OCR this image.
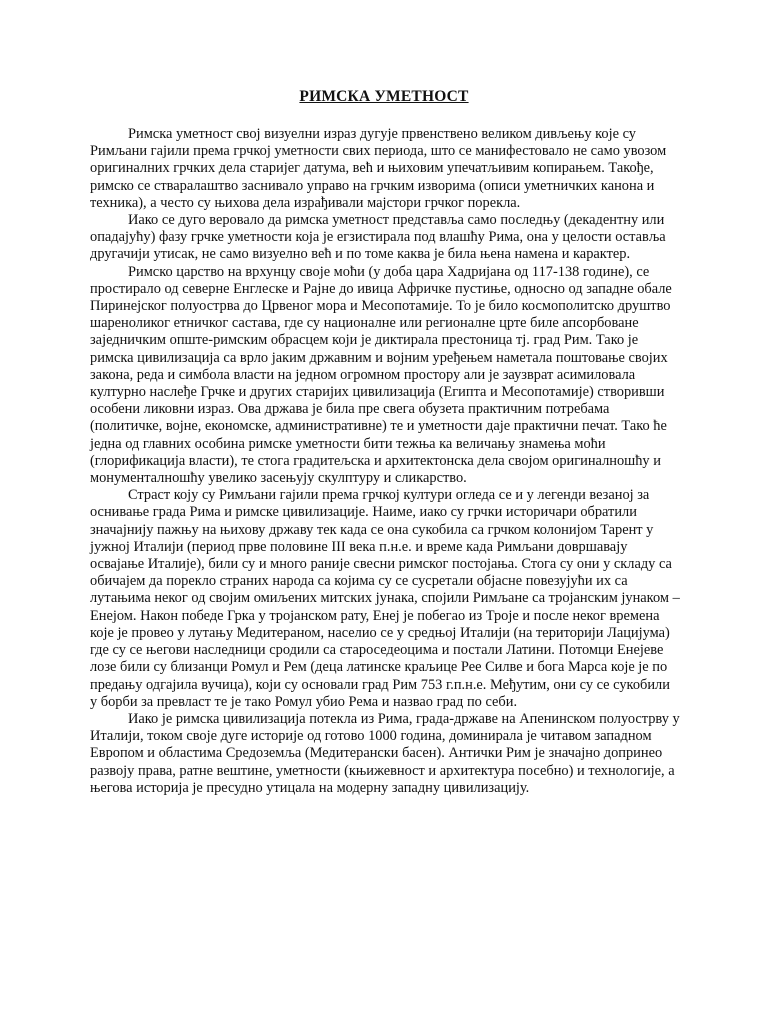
РИМСКА УМЕТНОСТ

Римска уметност свој визуелни израз дугује првенствено великом дивљењу које су Римљани гајили према грчкој уметности свих периода, што се манифестовало не само увозом оригиналних грчких дела старијег датума, већ и њиховим упечатљивим копирањем. Такође, римско се стваралаштво заснивало управо на грчким изворима (описи уметничких канона и техника), а често су њихова дела израђивали мајстори грчког порекла.

Иако се дуго веровало да римска уметност представља само последњу (декадентну или опадајућу) фазу грчке уметности која је егзистирала под влашћу Рима, она у целости оставља другачији утисак, не само визуелно већ и по томе каква је била њена намена и карактер.

Римско царство на врхунцу своје моћи (у доба цара Хадријана од 117-138 године), се простирало од северне Енглеске и Рајне до ивица Афричке пустиње, односно од западне обале Пиринејског полуострва до Црвеног мора и Месопотамије. То је било космополитско друштво шареноликог етничког састава, где су националне или регионалне црте биле апсорбоване заједничким опште-римским обрасцем који је диктирала престоница тј. град Рим. Тако је римска цивилизација са врло јаким државним и војним уређењем наметала поштовање својих закона, реда и симбола власти на једном огромном простору али је заузврат асимиловала културно наслеђе Грчке и других старијих цивилизација (Египта и Месопотамије) створивши особени ликовни израз. Ова држава је била пре свега обузета практичним потребама (политичке, војне, економске, административне) те и уметности даје практични печат. Тако ће једна од главних особина римске уметности бити тежња ка величању знамења моћи (глорификација власти), те стога градитељска и архитектонска дела својом оригиналношћу и монументалношћу увелико засењују скулптуру и сликарство.

Страст коју су Римљани гајили према грчкој култури огледа се и у легенди везаној за оснивање града Рима и римске цивилизације. Наиме, иако су грчки историчари обратили значајнију пажњу на њихову државу тек када се она сукобила са грчком колонијом Тарент у јужној Италији (период прве половине III века п.н.е. и време када Римљани довршавају освајање Италије), били су и много раније свесни римског постојања. Стога су они у складу са обичајем да порекло страних народа са којима су се сусретали објасне повезујући их са лутањима неког од својим омиљених митских јунака, спојили Римљане са тројанским јунаком – Енејом. Након победе Грка у тројанском рату, Енеј је побегао из Троје и после неког времена које је провео у лутању Медитераном, населио се у средњој Италији (на територији Лацијума) где су се његови наследници сродили са староседеоцима и постали Латини. Потомци Енејеве лозе били су близанци Ромул и Рем (деца латинске краљице Рее Силве и бога Марса које је по предању одгајила вучица), који су основали град Рим 753 г.п.н.е. Међутим, они су се сукобили у борби за превласт те је тако Ромул убио Рема и назвао град по себи.

Иако је римска цивилизација потекла из Рима, града-државе на Апенинском полуострву у Италији, током своје дуге историје од готово 1000 година, доминирала је читавом западном Европом и областима Средоземља (Медитерански басен). Антички Рим је значајно допринео развоју права, ратне вештине, уметности (књижевност и архитектура посебно) и технологије, а његова историја је пресудно утицала на модерну западну цивилизацију.
